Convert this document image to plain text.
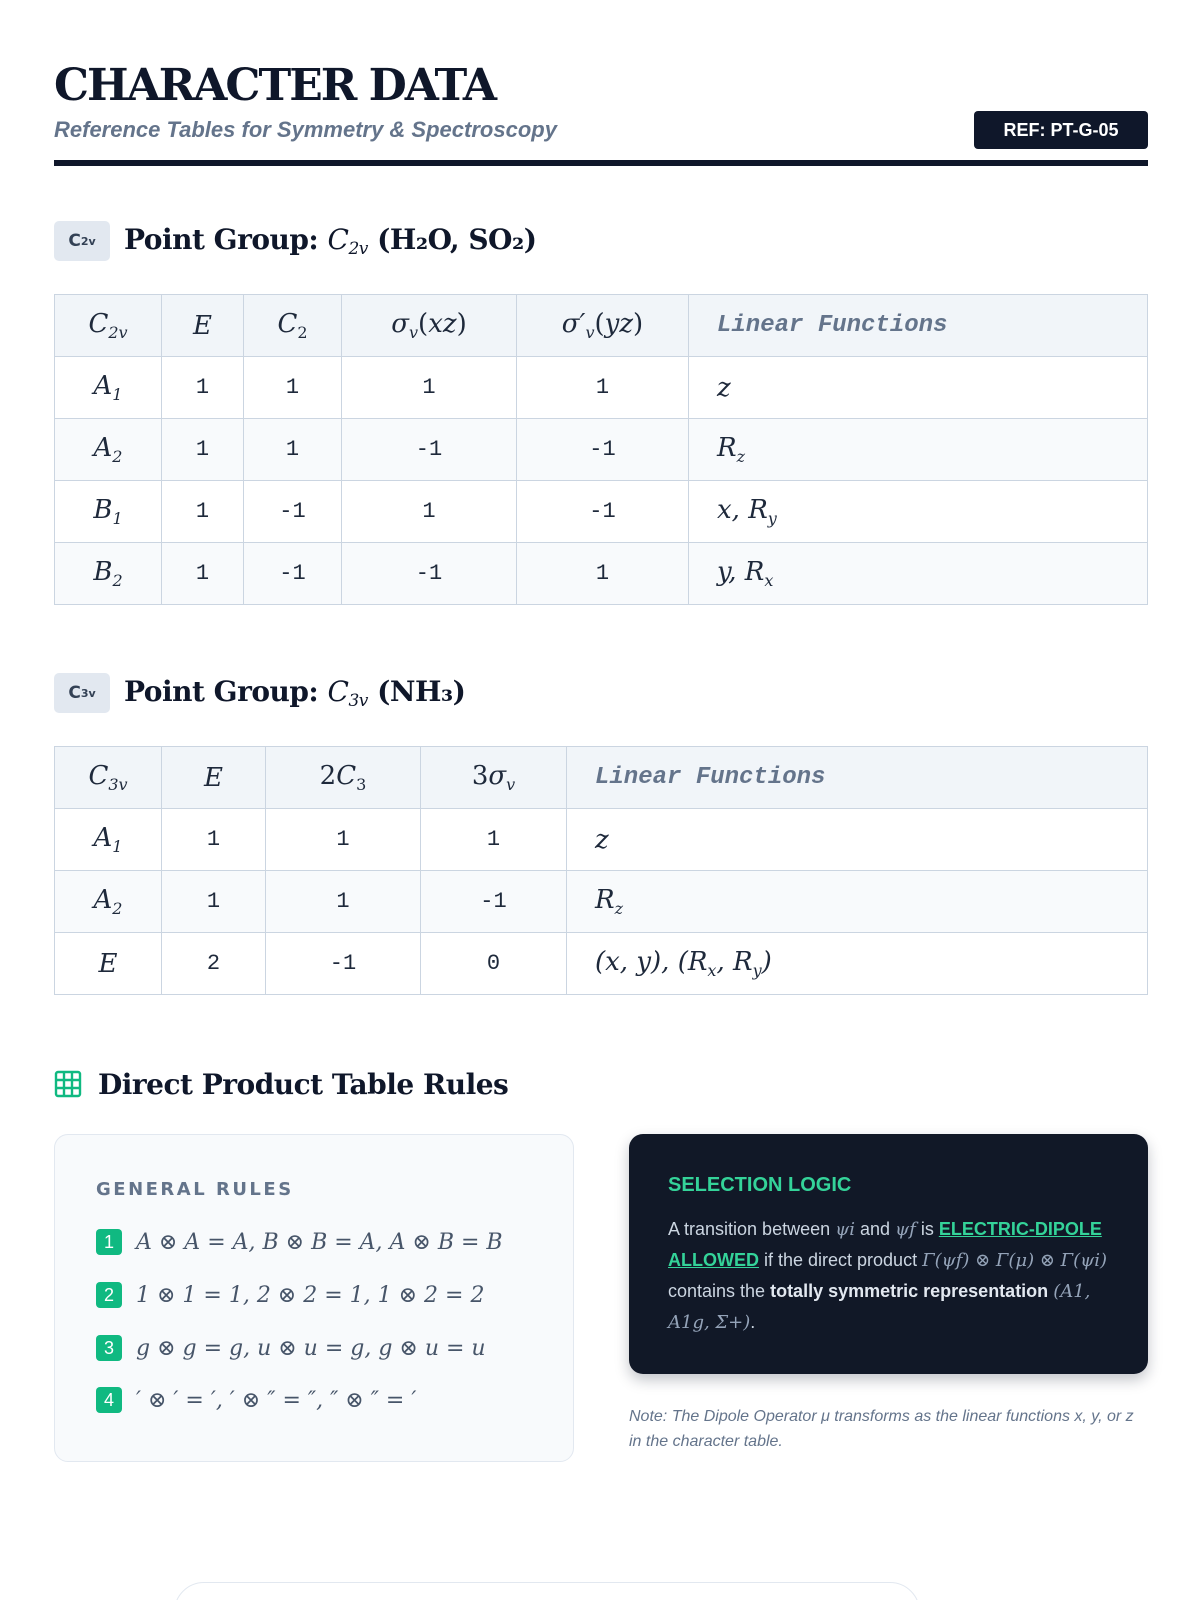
CHARACTER DATA
Reference Tables for Symmetry & Spectroscopy	REF: PT-G-05
C 2v Point Group: $C_{2v}$ (H₂O, SO₂)
$C_{2v}$	E	$C_2$	$\sigma_v(xz)$	$\sigma'_v(yz)$	Linear Functions
$A_1$	1	1	1	1	z
$A_2$	1	1	-1	-1	$R_z$
$B_1$	1	-1	1	-1	x, $R_y$
$B_2$	1	-1	-1	1	y, $R_x$
C 3v Point Group: $C_{3v}$ (NH₃)
$C_{3v}$	E	$2C_3$	$3\sigma_v$	Linear Functions
$A_1$	1	1	1	z
$A_2$	1	1	-1	$R_z$
E	2	-1	0	(x, y), ($R_x$, $R_y$)
Direct Product Table Rules
GENERAL RULES
1	A ⊗ A = A, B ⊗ B = A, A ⊗ B = B
2	1 ⊗ 1 = 1, 2 ⊗ 2 = 1, 1 ⊗ 2 = 2
3	g ⊗ g = g, u ⊗ u = g, g ⊗ u = u
4	′ ⊗ ′ = ′, ′ ⊗ ″ = ″, ″ ⊗ ″ = ′
SELECTION LOGIC
A transition between ψi and ψf is ELECTRIC-DIPOLE ALLOWED if the direct product Γ(ψf) ⊗ Γ(μ) ⊗ Γ(ψi) contains the totally symmetric representation (A1, A1g, Σ+).
Note: The Dipole Operator μ transforms as the linear functions x, y, or z in the character table.
